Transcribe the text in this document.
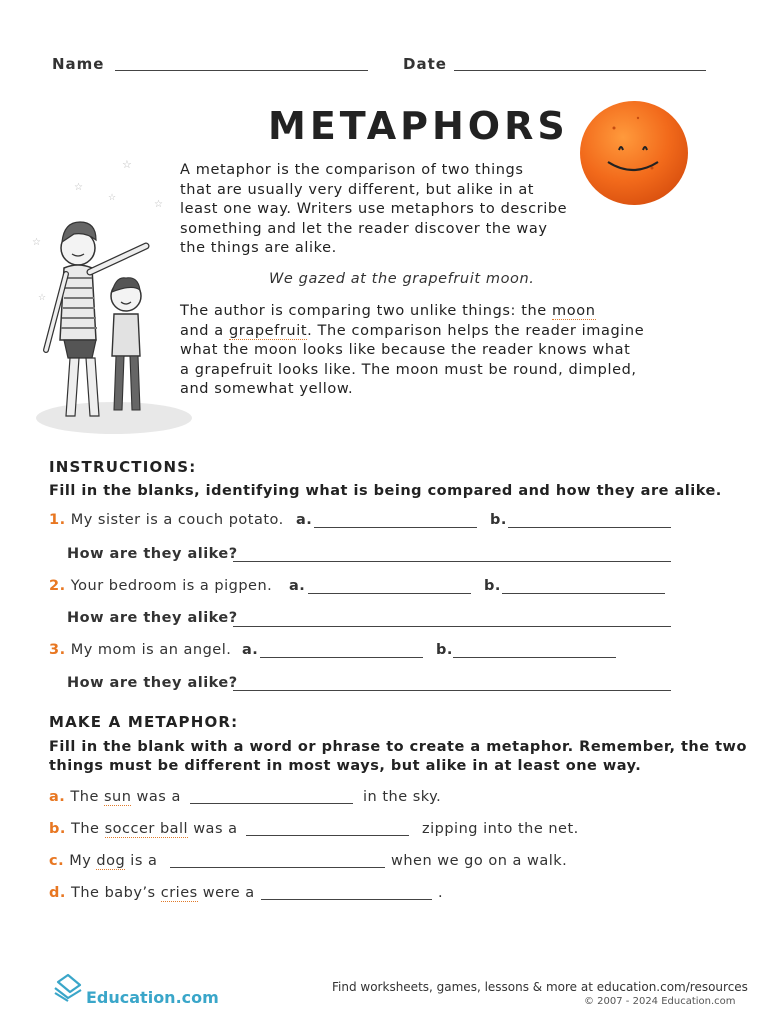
Name	Date
METAPHORS
A metaphor is the comparison of two things
that are usually very different, but alike in at
least one way. Writers use metaphors to describe
something and let the reader discover the way
the things are alike.
We gazed at the grapefruit moon.
The author is comparing two unlike things: the moon
and a grapefruit. The comparison helps the reader imagine
what the moon looks like because the reader knows what
a grapefruit looks like. The moon must be round, dimpled,
and somewhat yellow.
☆
☆
☆
☆
☆
☆
INSTRUCTIONS:
Fill in the blanks, identifying what is being compared and how they are alike.
1. My sister is a couch potato. a.	b.
How are they alike?
2. Your bedroom is a pigpen. a.	b.
How are they alike?
3. My mom is an angel. a.	b.
How are they alike?
MAKE A METAPHOR:
Fill in the blank with a word or phrase to create a metaphor. Remember, the two
things must be different in most ways, but alike in at least one way.
a. The sun was a	in the sky.
b. The soccer ball was a	zipping into the net.
c. My dog is a	when we go on a walk.
d. The baby’s cries were a	.
Education.com
Find worksheets, games, lessons & more at education.com/resources
© 2007 - 2024 Education.com
